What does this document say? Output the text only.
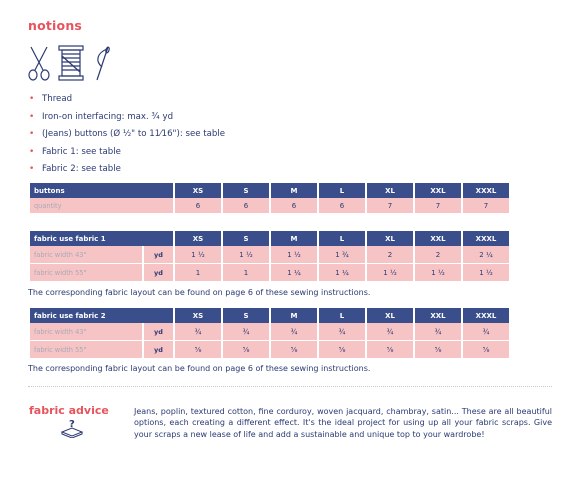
notions
• Thread
• Iron-on interfacing: max. ¾ yd
• (Jeans) buttons (Ø ½" to 11⁄16"): see table
• Fabric 1: see table
• Fabric 2: see table
buttons	XS	S	M	L	XL	XXL	XXXL
quantity	6	6	6	6	7	7	7
fabric use fabric 1		XS	S	M	L	XL	XXL	XXXL
fabric width 43"	yd	1 ½	1 ½	1 ½	1 ¾	2	2	2 ¼
fabric width 55"	yd	1	1	1 ¼	1 ¼	1 ½	1 ½	1 ½
The corresponding fabric layout can be found on page 6 of these sewing instructions.
fabric use fabric 2		XS	S	M	L	XL	XXL	XXXL
fabric width 43"	yd	¾	¾	¾	¾	¾	¾	¾
fabric width 55"	yd	⅝	⅝	⅝	⅝	⅝	⅝	⅝
The corresponding fabric layout can be found on page 6 of these sewing instructions.
fabric advice
?
Jeans, poplin, textured cotton, fine corduroy, woven jacquard, chambray, satin... These are all beautiful options, each creating a different effect. It's the ideal project for using up all your fabric scraps. Give your scraps a new lease of life and add a sustainable and unique top to your wardrobe!
